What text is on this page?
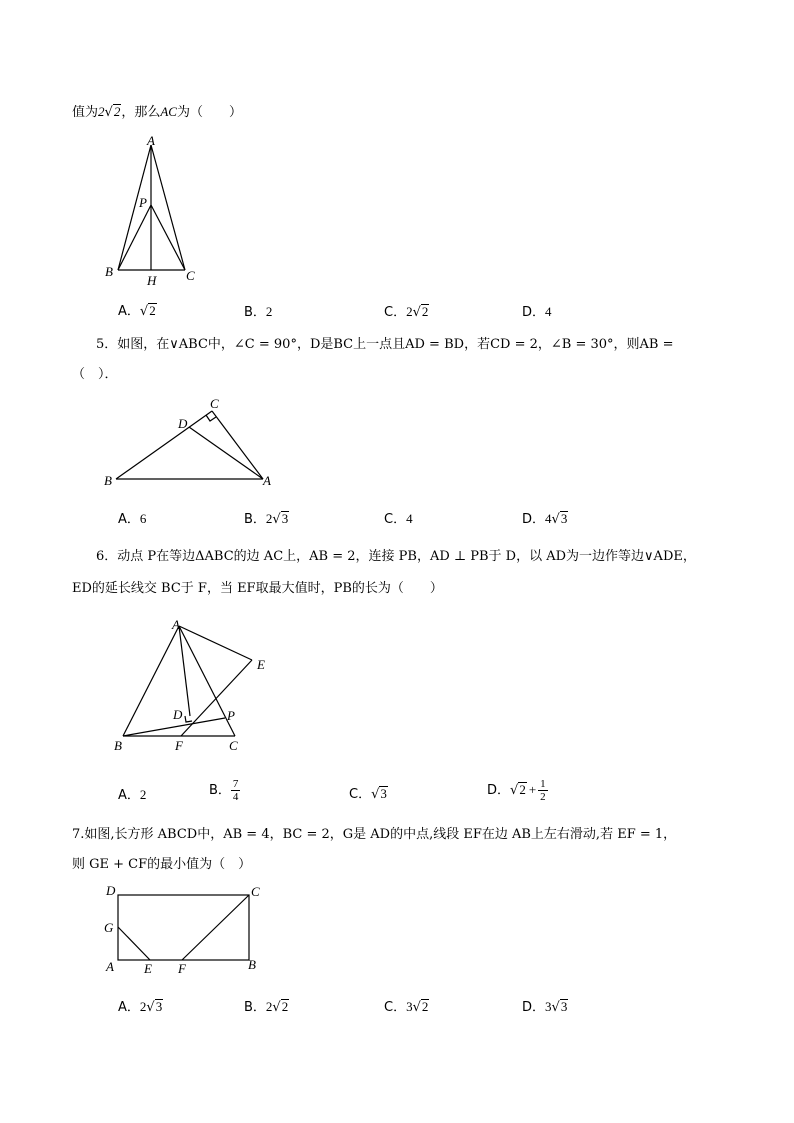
值为2√2，那么AC为（　　）
A
P
B
H C
A．√2	B．2	C．2√2	D．4
5．如图，在∨ABC中，∠C = 90°，D是BC上一点且AD = BD，若CD = 2，∠B = 30°，则AB =
（　）．
C
D
B	A
A．6	B．2√3	C．4	D．4√3
6．动点 P在等边ΔABC的边 AC上，AB = 2，连接 PB，AD ⊥ PB于 D，以 AD为一边作等边∨ADE，
ED的延长线交 BC于 F，当 EF取最大值时，PB的长为（　　）
A
E
D	P
B	F	C
A．2	B． $\frac{7}{4}$	C．√3	D．$√2 + \frac{1}{2}$
7.如图,长方形 ABCD中，AB = 4，BC = 2，G是 AD的中点,线段 EF在边 AB上左右滑动,若 EF = 1，
则 GE + CF的最小值为（　）
D	C
G
A E F	B
A．2√3	B．2√2	C．3√2	D．3√3
